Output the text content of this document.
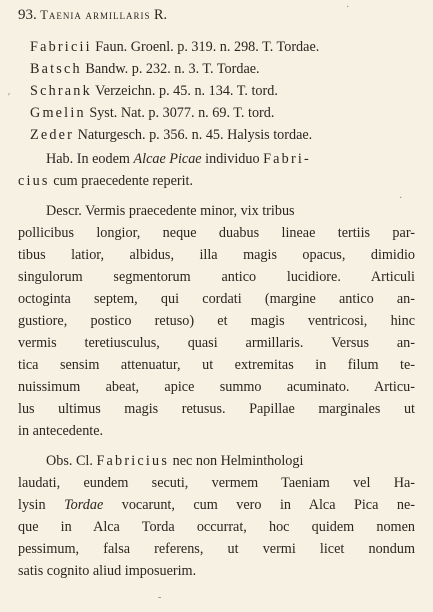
93. Taenia armillaris R.
Fabricii Faun. Groenl. p. 319. n. 298. T. Tordae.
Batsch Bandw. p. 232. n. 3. T. Tordae.
Schrank Verzeichn. p. 45. n. 134. T. tord.
Gmelin Syst. Nat. p. 3077. n. 69. T. tord.
Zeder Naturgesch. p. 356. n. 45. Halysis tordae.
Hab. In eodem Alcae Picae individuo Fabri-
cius cum praecedente reperit.
Descr. Vermis praecedente minor, vix tribus
pollicibus longior, neque duabus lineae tertiis par-
tibus latior, albidus, illa magis opacus, dimidio
singulorum segmentorum antico lucidiore. Articuli
octoginta septem, qui cordati (margine antico an-
gustiore, postico retuso) et magis ventricosi, hinc
vermis teretiusculus, quasi armillaris. Versus an-
tica sensim attenuatur, ut extremitas in filum te-
nuissimum abeat, apice summo acuminato. Articu-
lus ultimus magis retusus. Papillae marginales ut
in antecedente.
Obs. Cl. Fabricius nec non Helminthologi
laudati, eundem secuti, vermem Taeniam vel Ha-
lysin Tordae vocarunt, cum vero in Alca Pica ne-
que in Alca Torda occurrat, hoc quidem nomen
pessimum, falsa referens, ut vermi licet nondum
satis cognito aliud imposuerim.
′
·
·
-
